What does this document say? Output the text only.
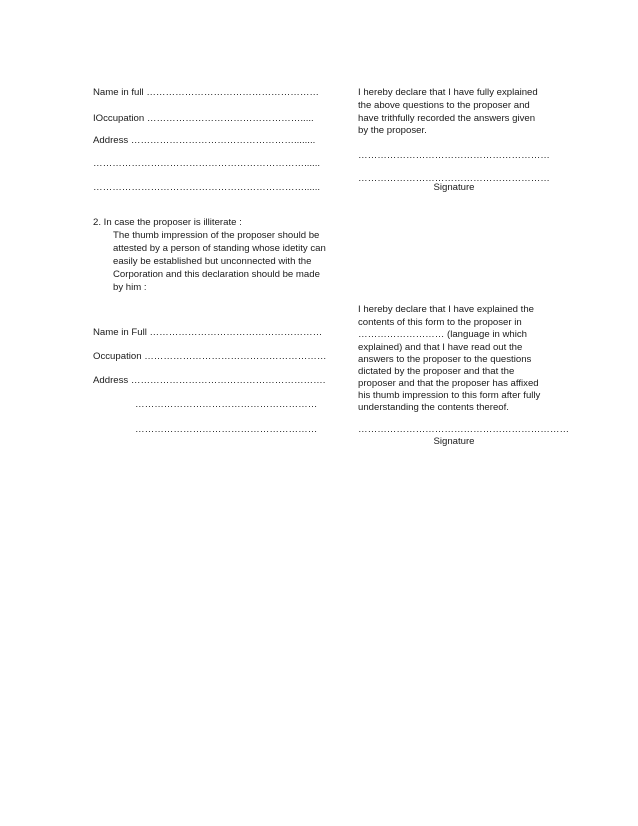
Name in full ………………………………………………
IOccupation ………………………………………….....
Address ……………………………………………........
…………………………………………………………......
…………………………………………………………......
I hereby declare that I have fully explained
the above questions to the proposer and
have trithfully recorded the answers given
by the proposer.
……………………………………………………
……………………………………………………
Signature
2. In case the proposer is illiterate :
The thumb impression of the proposer should be
attested by a person of standing whose idetity can
easily be established but unconnected with the
Corporation and this declaration should be made
by him :
Name in Full ………………………………………………
Occupation …………………………………………………
Address …………………………………………………….
…………………………………………………
…………………………………………………
I hereby declare that I have explained the
contents of this form to the proposer in
……………………… (language in which
explained) and that I have read out the
answers to the proposer to the questions
dictated by the proposer and that the
proposer and that the proposer has affixed
his thumb impression to this form after fully
understanding the contents thereof.
…………………………………………………………
Signature
